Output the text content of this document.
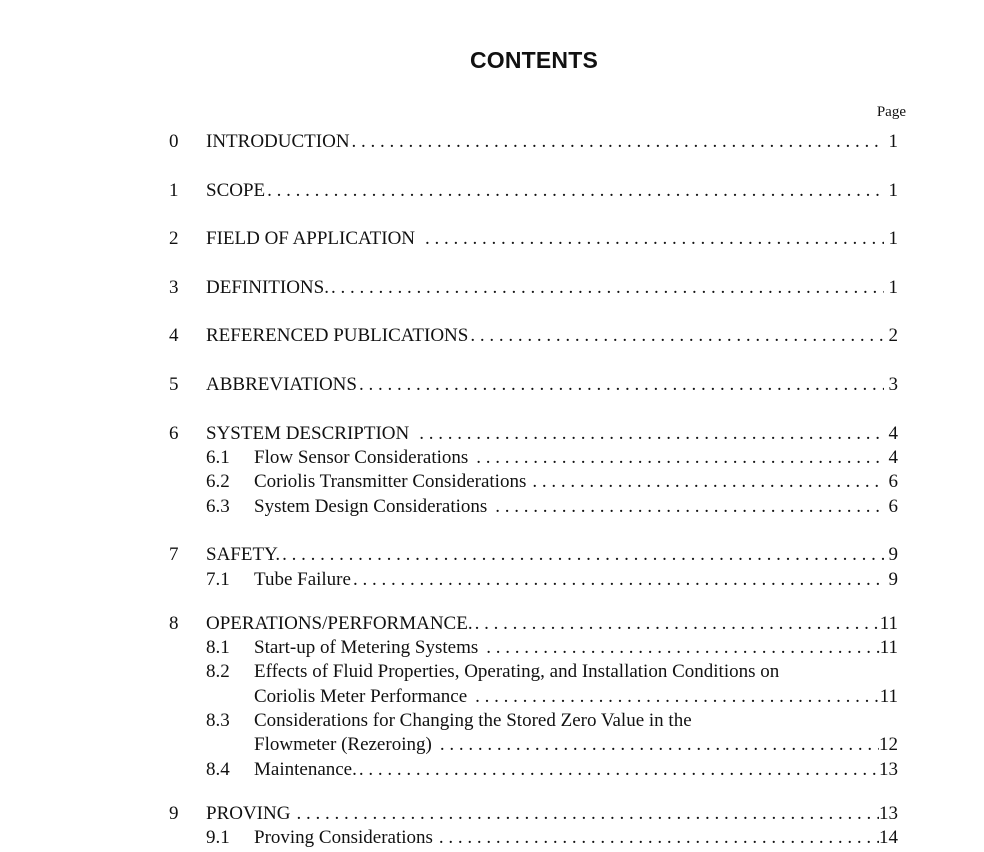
CONTENTS
Page
0 INTRODUCTION . . .	1
1 SCOPE . . .	1
2 FIELD OF APPLICATION . . .	1
3 DEFINITIONS. . . .	1
4 REFERENCED PUBLICATIONS . . .	2
5 ABBREVIATIONS . . .	3
6 SYSTEM DESCRIPTION . . .	4
6.1 Flow Sensor Considerations . . .	4
6.2 Coriolis Transmitter Considerations . . .	6
6.3 System Design Considerations . . .	6
7 SAFETY. . . .	9
7.1 Tube Failure . . .	9
8 OPERATIONS/PERFORMANCE. . . .	11
8.1 Start-up of Metering Systems . . .	11
8.2 Effects of Fluid Properties, Operating, and Installation Conditions on
Coriolis Meter Performance . . .	11
8.3 Considerations for Changing the Stored Zero Value in the
Flowmeter (Rezeroing) . . .	12
8.4 Maintenance. . . .	13
9 PROVING . . .	13
9.1 Proving Considerations . . .	14
